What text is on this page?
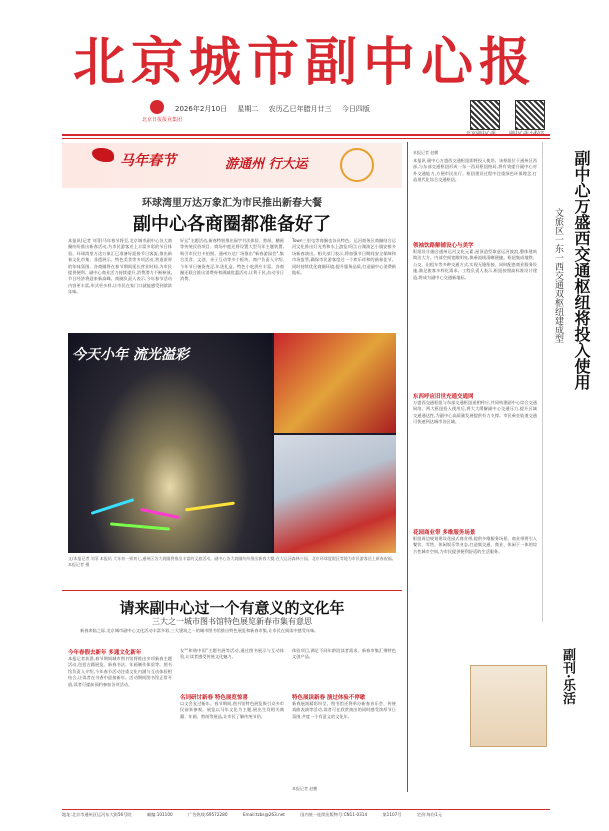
北京城市副中心报
北京日报报业集团
2026年2月10日 星期二 农历乙巳年腊月廿三 今日四版
马年春节	游通州 行大运
环球湾里万达万象汇为市民推出新春大餐
副中心各商圈都准备好了
本报讯(记者 刘菲)马年春节将至,北京城市副中心各大商圈纷纷推出新春活动,为市民游客送上丰富多彩的节日体验。环球湾里万达万象汇已准备好迎接节日客流,推出新春文化市集、非遗展示、特色美食等多项活动,营造浓厚的年味氛围。各商圈将在春节期间延长营业时间,为市民提供便利。副中心商业活力持续提升,消费潜力不断释放,节日经济将迎来新高峰。商圈负责人表示,今年春节活动内容更丰富,形式更多样,让市民在家门口就能感受到浓浓年味。
好运"主题活动,新春特别推出福字书法体验、剪纸、糖画等传统民俗项目。商场中庭还将设置大型马年主题装置,吸引市民打卡拍照。通州万达广场推出"新春游园会",集合美食、文创、亲子互动等多个板块。商户负责人介绍,今年节日备货充足,年货礼盒、特色小吃供应丰富。各商圈还联合推出消费券和满减优惠活动,让利于民,拉动节日消费。
Town三里屯等商圈也各具特色。运河商务区商圈结合运河文化推出灯光秀和水上游览项目;台湖演艺小镇安排多场新春演出。相关部门表示,将加强节日期间安全保障和市场监管,确保市民游客度过一个欢乐祥和的新春佳节。同时持续优化商圈环境,提升服务品质,打造副中心消费新地标。
今天小年 流光溢彩
文/本报记者 刘菲 本报讯 大年初一到初七,通州区各大商圈将推出丰富的文旅活动。副中心各大商圈纷纷推出新春大餐,在大运河森林公园、北京环球度假区等地为市民游客送上新春祝福。 本报记者 摄
请来副中心过一个有意义的文化年
三大之一城市图书馆特色展览新春市集有意思
新春来临之际,北京城市副中心文化活动丰富多彩,三大建筑之一的城市图书馆推出特色展览和新春市集,让市民在阅读中感受年味。
今年春假去新年 多通文化新年
本报记者获悉,春节期间城市图书馆将推出多项新春主题活动,包括古籍展览、新春书法、年画制作体验等。图书馆负责人介绍,今年春节活动注重文化内涵与互动体验相结合,让读者在书香中迎接新年。活动期间图书馆正常开放,读者可提前预约参加各项活动。
友""和谐中国"主题书展等活动,通过图书展示与互动体验,让读者感受传统文化魅力。
名词研讨新春 特色展览惊喜
以文会友过新年。春节期间,图书馆特色展览吸引众多市民前来参观。展览以马年文化为主题,展出生肖相关典籍、年画、剪纸等展品,让市民了解传统节俗。
体验项目,满足不同年龄段读者需求。新春市集汇聚特色文创产品。
特色展读新春 演过体验不停歇
新春展演精彩纷呈。图书馆还将举办新春音乐会、传统戏曲表演等活动,读者可在欣赏演出的同时感受浓厚节日氛围,共度一个有意义的文化年。
本报记者 赵鹏
本报记者 赵鹏
本报讯 副中心万盛西交通枢纽即将投入使用。该枢纽位于通州区西部,与东部交通枢纽形成一东一西双枢纽格局,将有效提升副中心对外交通能力,方便市民出行。枢纽建设过程中注重绿色环保理念,打造现代化综合交通枢纽。
领袖饮路解铺设心与美学
枢纽设计融合通州运河文化元素,屋顶造型取意运河波浪,整体建筑简洁大方。内部空间宽敞明亮,换乘流线清晰便捷。枢纽集成地铁、公交、出租车等多种交通方式,实现无缝衔接。同时配套商业服务设施,满足旅客多样化需求。工程负责人表示,枢纽按照高标准设计建造,将成为副中心交通新地标。
东西呼应旧世充通交通网
万盛西交通枢纽与东部交通枢纽遥相呼应,共同构建副中心综合交通网络。两大枢纽投入使用后,将大大缓解副中心交通压力,提升区域交通通达性,为副中心高质量发展提供有力支撑。市民乘坐轨道交通可快速到达城市各区域。
花园商业带 多维服务场景
枢纽周边规划建设花园式商业带,提供多维服务场景。商业带将引入餐饮、零售、休闲娱乐等业态,打造集交通、商业、休闲于一体的综合性城市空间,为市民提供便利舒适的生活服务。
副中心万盛西交通枢纽将投入使用
文旅区一东一西交通双枢纽建成型
副刊·乐活
地址:北京市通州区运河东大街56号院	邮编:101100	广告热线:69572280	Email:tzbs@263.net	国内统一连续出版物号:CN11-0314	第1107号	定价:每份1元
